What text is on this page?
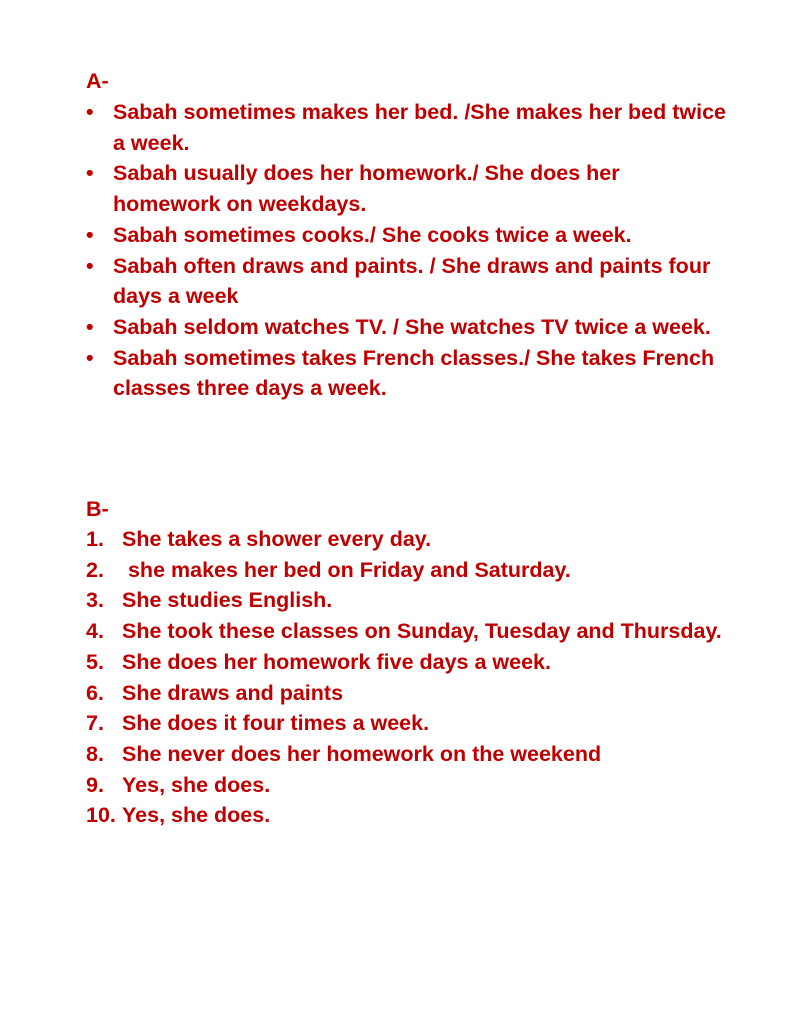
A-
• Sabah sometimes makes her bed. /She makes her bed twice a week.
• Sabah usually does her homework./ She does her homework on weekdays.
• Sabah sometimes cooks./ She cooks twice a week.
• Sabah often draws and paints. / She draws and paints four days a week
• Sabah seldom watches TV. / She watches TV twice a week.
• Sabah sometimes takes French classes./ She takes French classes three days a week.
B-
1. She takes a shower every day.
2. she makes her bed on Friday and Saturday.
3. She studies English.
4. She took these classes on Sunday, Tuesday and Thursday.
5. She does her homework five days a week.
6. She draws and paints
7. She does it four times a week.
8. She never does her homework on the weekend
9. Yes, she does.
10. Yes, she does.
